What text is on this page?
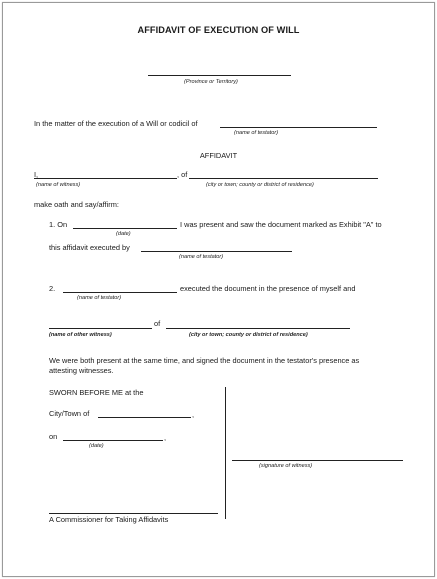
AFFIDAVIT OF EXECUTION OF WILL
(Province or Territory)
In the matter of the execution of a Will or codicil of
(name of testator)
AFFIDAVIT
I,	, of
(name of witness)	(city or town; county or district of residence)
make oath and say/affirm:
1. On	I was present and saw the document marked as Exhibit "A" to
(date)
this affidavit executed by
(name of testator)
2.	executed the document in the presence of myself and
(name of testator)
of
(name of other witness)	(city or town; county or district of residence)
We were both present at the same time, and signed the document in the testator's presence as
attesting witnesses.
SWORN BEFORE ME at the
City/Town of	,
on	,
(date)
(signature of witness)
A Commissioner for Taking Affidavits
